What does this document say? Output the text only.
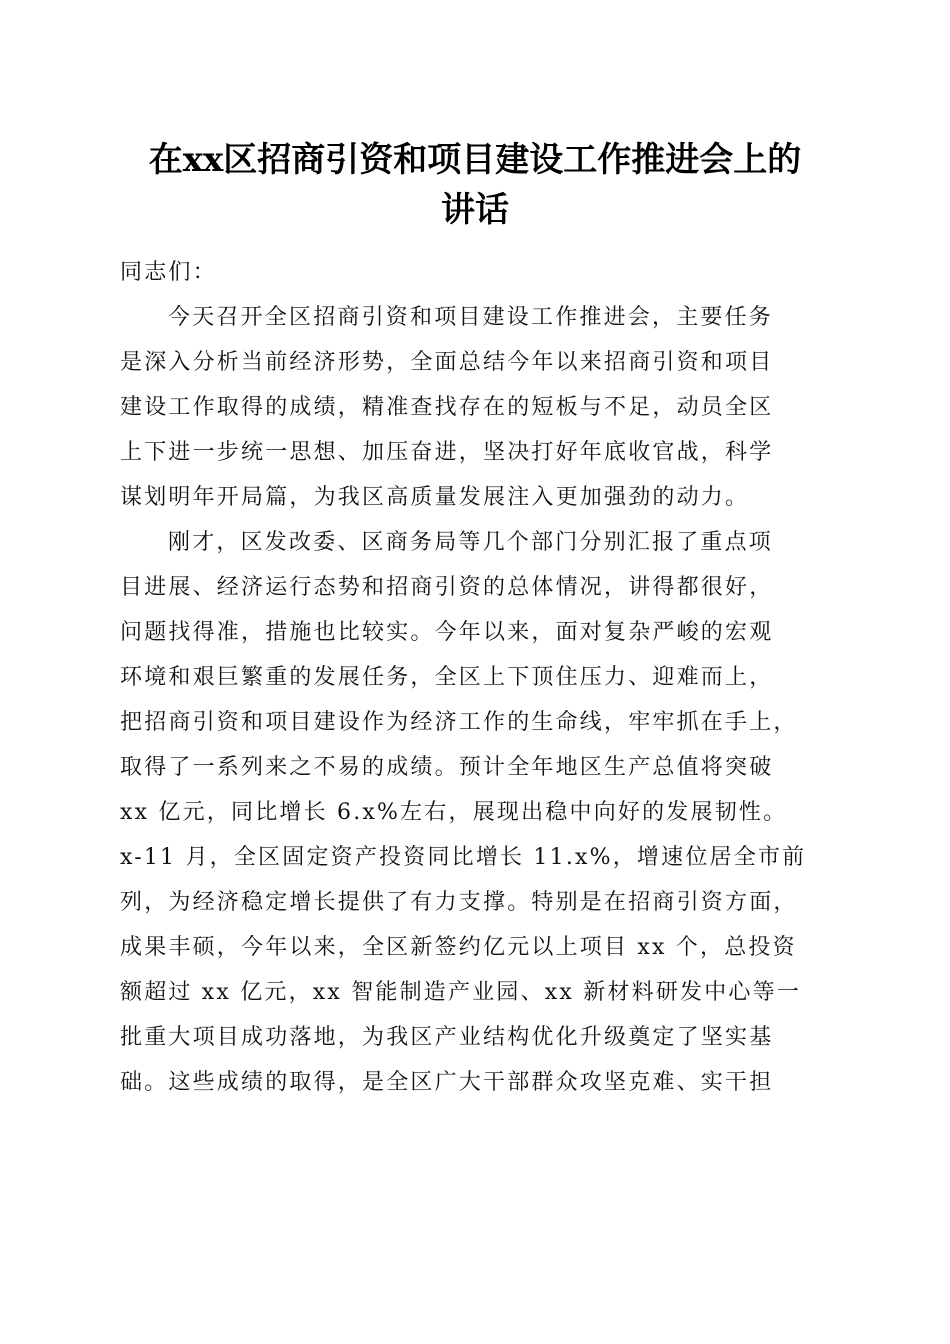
在xx区招商引资和项目建设工作推进会上的
讲话
同志们：
今天召开全区招商引资和项目建设工作推进会，主要任务
是深入分析当前经济形势，全面总结今年以来招商引资和项目
建设工作取得的成绩，精准查找存在的短板与不足，动员全区
上下进一步统一思想、加压奋进，坚决打好年底收官战，科学
谋划明年开局篇，为我区高质量发展注入更加强劲的动力。
刚才，区发改委、区商务局等几个部门分别汇报了重点项
目进展、经济运行态势和招商引资的总体情况，讲得都很好，
问题找得准，措施也比较实。今年以来，面对复杂严峻的宏观
环境和艰巨繁重的发展任务，全区上下顶住压力、迎难而上，
把招商引资和项目建设作为经济工作的生命线，牢牢抓在手上，
取得了一系列来之不易的成绩。预计全年地区生产总值将突破
xx 亿元，同比增长 6.x%左右，展现出稳中向好的发展韧性。
x-11 月，全区固定资产投资同比增长 11.x%，增速位居全市前
列，为经济稳定增长提供了有力支撑。特别是在招商引资方面，
成果丰硕，今年以来，全区新签约亿元以上项目 xx 个，总投资
额超过 xx 亿元，xx 智能制造产业园、xx 新材料研发中心等一
批重大项目成功落地，为我区产业结构优化升级奠定了坚实基
础。这些成绩的取得，是全区广大干部群众攻坚克难、实干担
